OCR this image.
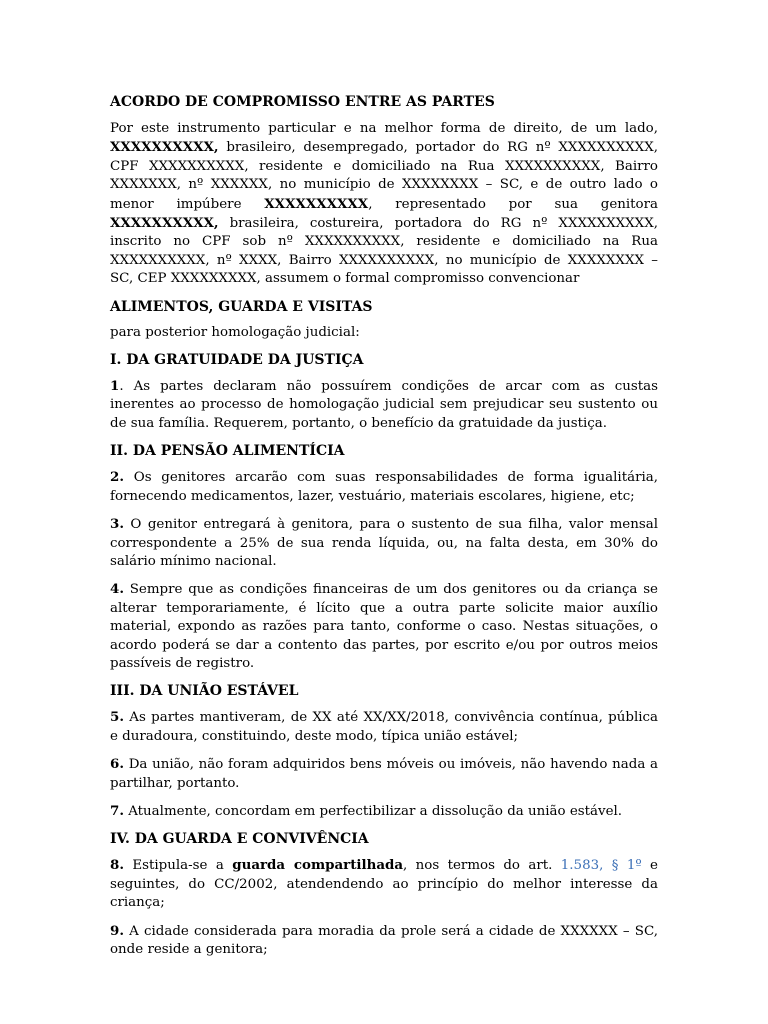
ACORDO DE COMPROMISSO ENTRE AS PARTES

Por este instrumento particular e na melhor forma de direito, de um lado, XXXXXXXXXX, brasileiro, desempregado, portador do RG nº XXXXXXXXXX, CPF XXXXXXXXXX, residente e domiciliado na Rua XXXXXXXXXX, Bairro XXXXXXX, nº XXXXXX, no município de XXXXXXXX – SC, e de outro lado o menor impúbere XXXXXXXXXX, representado por sua genitora XXXXXXXXXX, brasileira, costureira, portadora do RG nº XXXXXXXXXX, inscrito no CPF sob nº XXXXXXXXXX, residente e domiciliado na Rua XXXXXXXXXX, nº XXXX, Bairro XXXXXXXXXX, no município de XXXXXXXX – SC, CEP XXXXXXXXX, assumem o formal compromisso convencionar

ALIMENTOS, GUARDA E VISITAS

para posterior homologação judicial:

I. DA GRATUIDADE DA JUSTIÇA

1. As partes declaram não possuírem condições de arcar com as custas inerentes ao processo de homologação judicial sem prejudicar seu sustento ou de sua família. Requerem, portanto, o benefício da gratuidade da justiça.

II. DA PENSÃO ALIMENTÍCIA

2. Os genitores arcarão com suas responsabilidades de forma igualitária, fornecendo medicamentos, lazer, vestuário, materiais escolares, higiene, etc;

3. O genitor entregará à genitora, para o sustento de sua filha, valor mensal correspondente a 25% de sua renda líquida, ou, na falta desta, em 30% do salário mínimo nacional.

4. Sempre que as condições financeiras de um dos genitores ou da criança se alterar temporariamente, é lícito que a outra parte solicite maior auxílio material, expondo as razões para tanto, conforme o caso. Nestas situações, o acordo poderá se dar a contento das partes, por escrito e/ou por outros meios passíveis de registro.

III. DA UNIÃO ESTÁVEL

5. As partes mantiveram, de XX até XX/XX/2018, convivência contínua, pública e duradoura, constituindo, deste modo, típica união estável;

6. Da união, não foram adquiridos bens móveis ou imóveis, não havendo nada a partilhar, portanto.

7. Atualmente, concordam em perfectibilizar a dissolução da união estável.

IV. DA GUARDA E CONVIVÊNCIA

8. Estipula-se a guarda compartilhada, nos termos do art. 1.583, § 1º e seguintes, do CC/2002, atendendendo ao princípio do melhor interesse da criança;

9. A cidade considerada para moradia da prole será a cidade de XXXXXX – SC, onde reside a genitora;
